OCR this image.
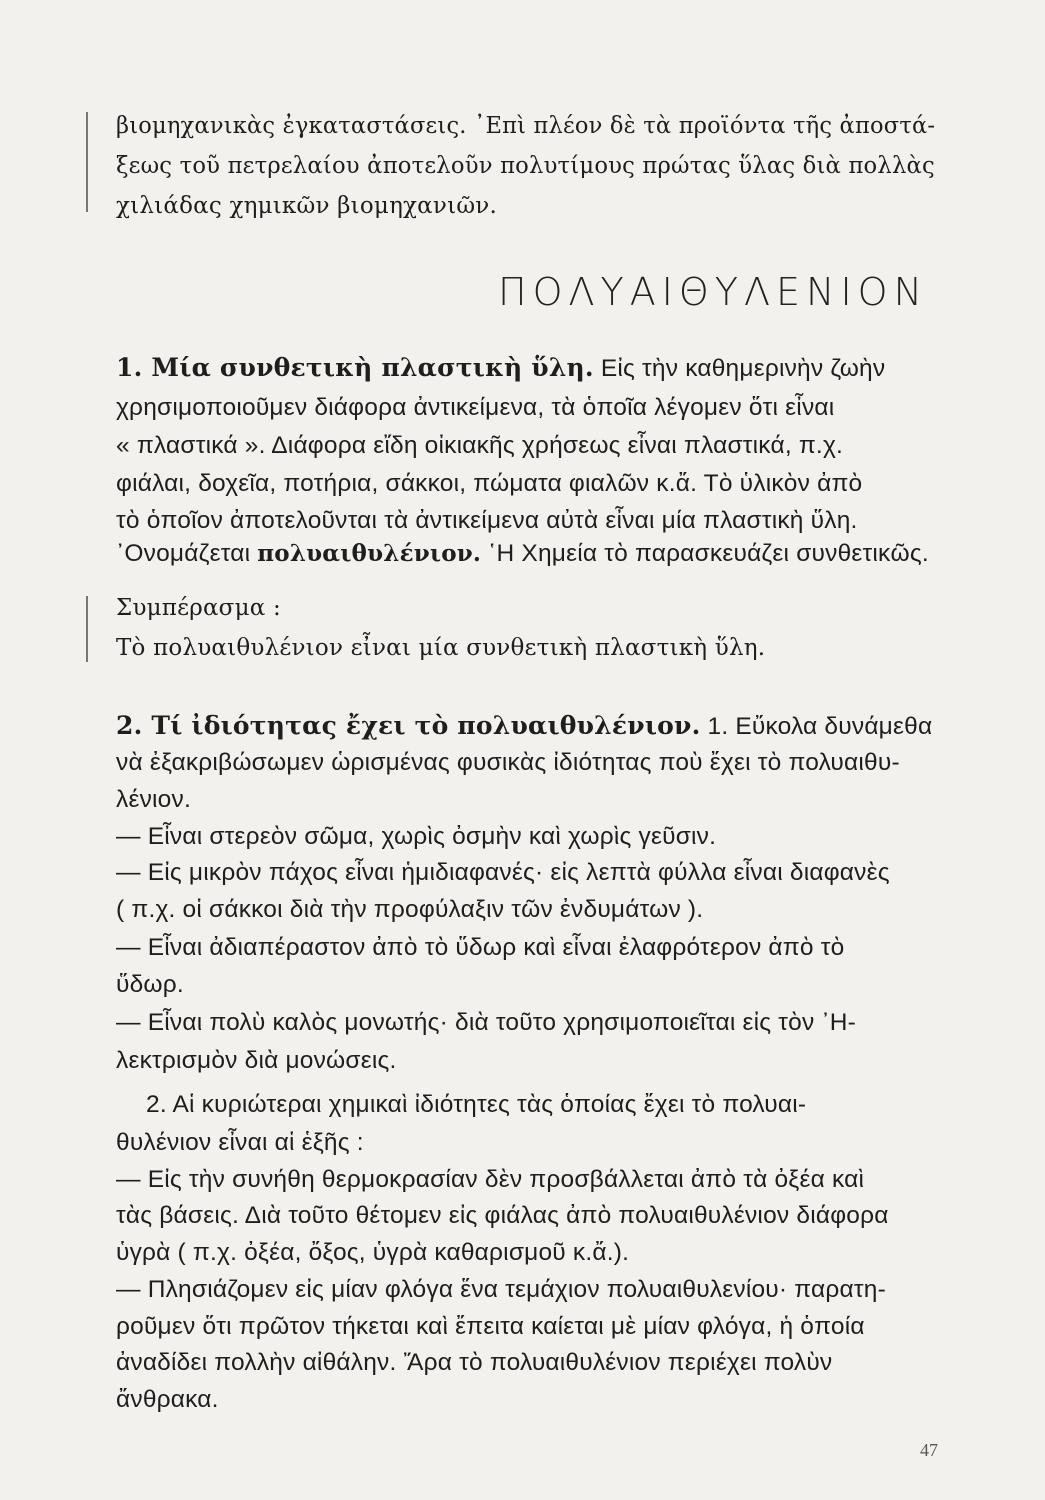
βιομηχανικὰς ἐγκαταστάσεις. ᾽Επὶ πλέον δὲ τὰ προϊόντα τῆς ἀποστά-

ξεως τοῦ πετρελαίου ἀποτελοῦν πολυτίμους πρώτας ὕλας διὰ πολλὰς

χιλιάδας χημικῶν βιομηχανιῶν.

ΠΟΛΥΑΙΘΥΛΕΝΙΟΝ

1. Μία συνθετικὴ πλαστικὴ ὕλη. Εἰς τὴν καθημερινὴν ζωὴν

χρησιμοποιοῦμεν διάφορα ἀντικείμενα, τὰ ὁποῖα λέγομεν ὅτι εἶναι

« πλαστικά ». Διάφορα εἴδη οἰκιακῆς χρήσεως εἶναι πλαστικά, π.χ.

φιάλαι, δοχεῖα, ποτήρια, σάκκοι, πώματα φιαλῶν κ.ἄ. Τὸ ὑλικὸν ἀπὸ

τὸ ὁποῖον ἀποτελοῦνται τὰ ἀντικείμενα αὐτὰ εἶναι μία πλαστικὴ ὕλη.

᾽Ονομάζεται πολυαιθυλένιον. ῾Η Χημεία τὸ παρασκευάζει συνθετικῶς.

Συμπέρασμα :

Τὸ πολυαιθυλένιον εἶναι μία συνθετικὴ πλαστικὴ ὕλη.

2. Τί ἰδιότητας ἔχει τὸ πολυαιθυλένιον. 1. Εὔκολα δυνάμεθα

νὰ ἐξακριβώσωμεν ὡρισμένας φυσικὰς ἰδιότητας ποὺ ἔχει τὸ πολυαιθυ-

λένιον.

— Εἶναι στερεὸν σῶμα, χωρὶς ὀσμὴν καὶ χωρὶς γεῦσιν.

— Εἰς μικρὸν πάχος εἶναι ἡμιδιαφανές· εἰς λεπτὰ φύλλα εἶναι διαφανὲς

( π.χ. οἱ σάκκοι διὰ τὴν προφύλαξιν τῶν ἐνδυμάτων ).

— Εἶναι ἀδιαπέραστον ἀπὸ τὸ ὕδωρ καὶ εἶναι ἐλαφρότερον ἀπὸ τὸ

ὕδωρ.

— Εἶναι πολὺ καλὸς μονωτής· διὰ τοῦτο χρησιμοποιεῖται εἰς τὸν ᾽Η-

λεκτρισμὸν διὰ μονώσεις.

2. Αἱ κυριώτεραι χημικαὶ ἰδιότητες τὰς ὁποίας ἔχει τὸ πολυαι-

θυλένιον εἶναι αἱ ἑξῆς :

— Εἰς τὴν συνήθη θερμοκρασίαν δὲν προσβάλλεται ἀπὸ τὰ ὀξέα καὶ

τὰς βάσεις. Διὰ τοῦτο θέτομεν εἰς φιάλας ἀπὸ πολυαιθυλένιον διάφορα

ὑγρὰ ( π.χ. ὀξέα, ὄξος, ὑγρὰ καθαρισμοῦ κ.ἄ.).

— Πλησιάζομεν εἰς μίαν φλόγα ἕνα τεμάχιον πολυαιθυλενίου· παρατη-

ροῦμεν ὅτι πρῶτον τήκεται καὶ ἔπειτα καίεται μὲ μίαν φλόγα, ἡ ὁποία

ἀναδίδει πολλὴν αἰθάλην. Ἄρα τὸ πολυαιθυλένιον περιέχει πολὺν

ἄνθρακα.

47
